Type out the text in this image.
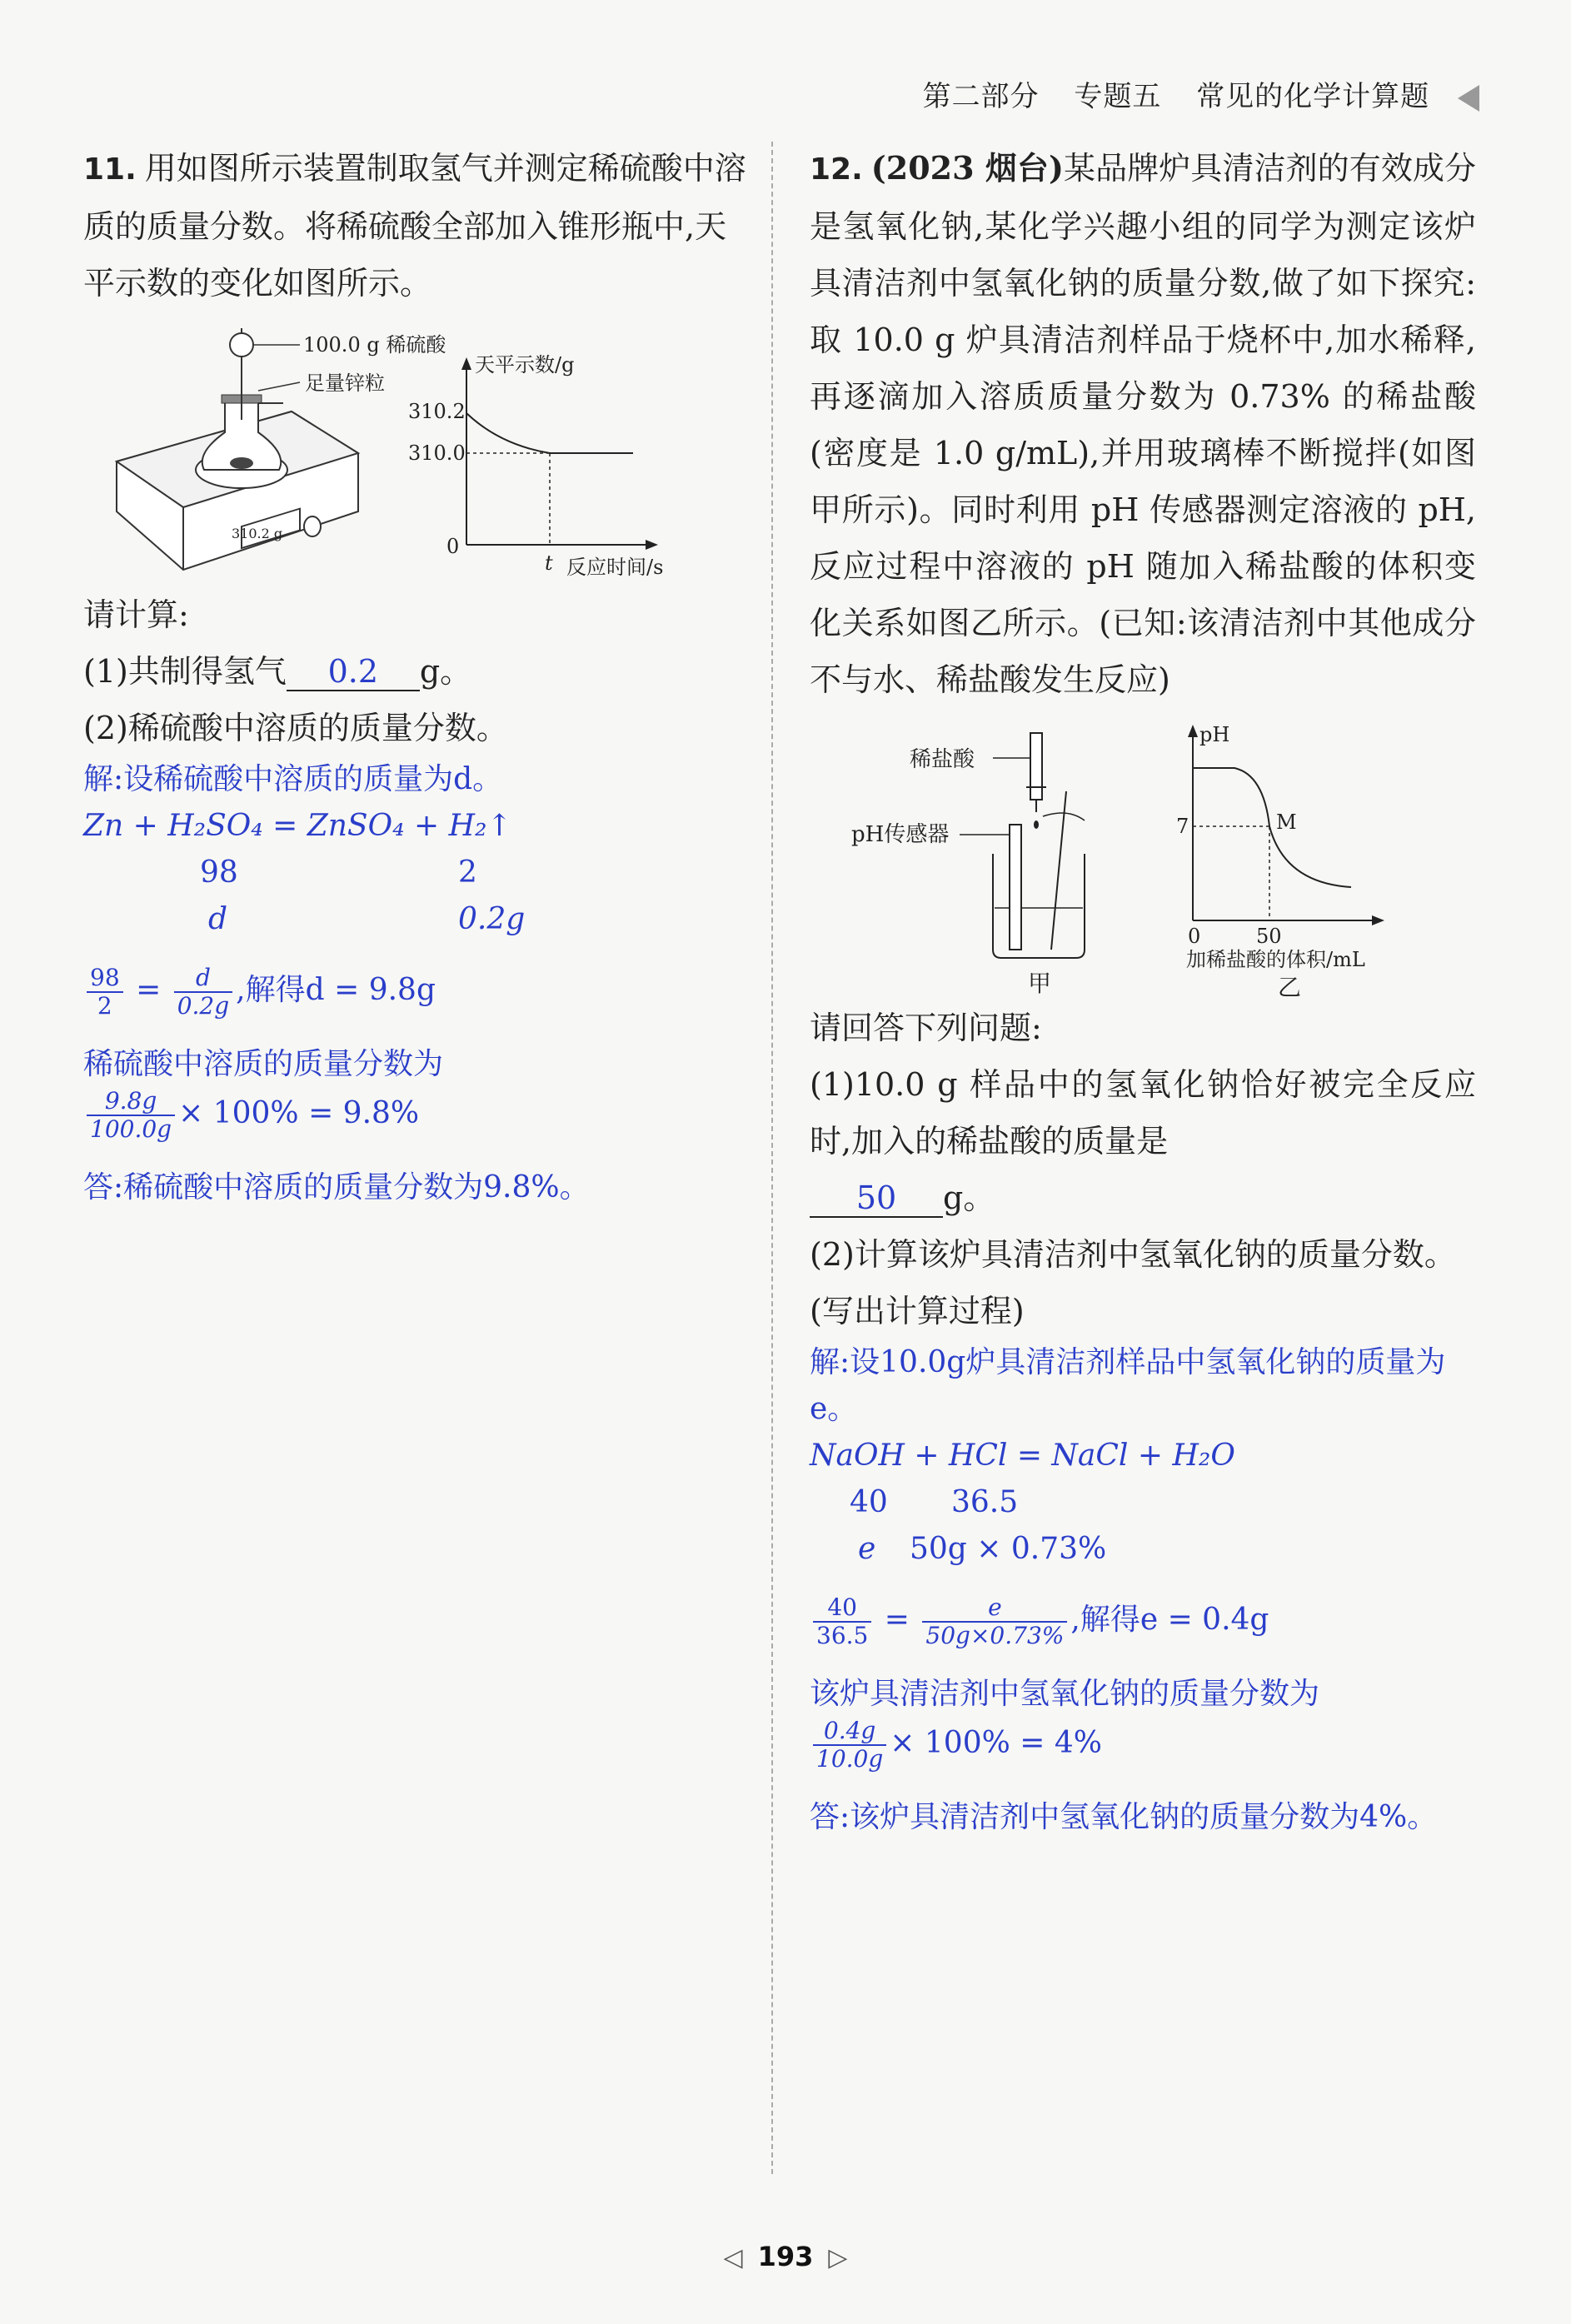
第二部分 专题五 常见的化学计算题
11. 用如图所示装置制取氢气并测定稀硫酸中溶质的质量分数。将稀硫酸全部加入锥形瓶中,天平示数的变化如图所示。
310.2 g
100.0 g 稀硫酸
足量锌粒
天平示数/g
310.2
310.0
0
t 反应时间/s
请计算:
(1)共制得氢气 0.2 g。
(2)稀硫酸中溶质的质量分数。
解:设稀硫酸中溶质的质量为d。
Zn + H₂SO₄ = ZnSO₄ + H₂↑
98	2
d	0.2g
$\frac{98}{2} = \frac{d}{0.2g}$ ,解得d = 9.8g
稀硫酸中溶质的质量分数为
$\frac{9.8g}{100.0g} \times 100\% = 9.8\%$
答:稀硫酸中溶质的质量分数为9.8%。
12. (2023 烟台)某品牌炉具清洁剂的有效成分是氢氧化钠,某化学兴趣小组的同学为测定该炉具清洁剂中氢氧化钠的质量分数,做了如下探究:取 10.0 g 炉具清洁剂样品于烧杯中,加水稀释,再逐滴加入溶质质量分数为 0.73% 的稀盐酸(密度是 1.0 g/mL),并用玻璃棒不断搅拌(如图甲所示)。同时利用 pH 传感器测定溶液的 pH,反应过程中溶液的 pH 随加入稀盐酸的体积变化关系如图乙所示。(已知:该清洁剂中其他成分不与水、稀盐酸发生反应)
稀盐酸
pH传感器
甲
pH
7	M
0	50
加稀盐酸的体积/mL
乙
请回答下列问题:
(1)10.0 g 样品中的氢氧化钠恰好被完全反应时,加入的稀盐酸的质量是
50 g。
(2)计算该炉具清洁剂中氢氧化钠的质量分数。(写出计算过程)
解:设10.0g炉具清洁剂样品中氢氧化钠的质量为e。
NaOH + HCl = NaCl + H₂O
40 36.5
e 50g × 0.73%
$\frac{40}{36.5} = \frac{e}{50g\times 0.73\%}$ ,解得e = 0.4g
该炉具清洁剂中氢氧化钠的质量分数为
$\frac{0.4g}{10.0g} \times 100\% = 4\%$
答:该炉具清洁剂中氢氧化钠的质量分数为4%。
◁ 193 ▷
